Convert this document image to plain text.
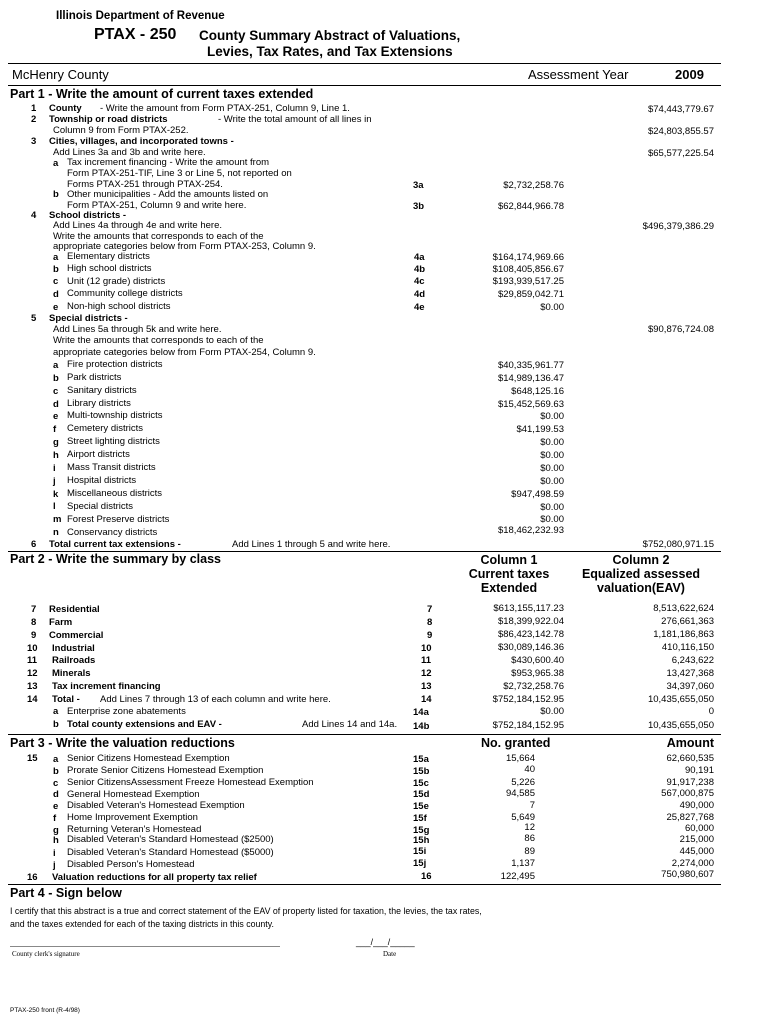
Illinois Department of Revenue
PTAX - 250 County Summary Abstract of Valuations,
Levies, Tax Rates, and Tax Extensions
McHenry County	Assessment Year	2009
Part 1 - Write the amount of current taxes extended
1 County - Write the amount from Form PTAX-251, Column 9, Line 1.	$74,443,779.67
2 Township or road districts	- Write the total amount of all lines in
Column 9 from Form PTAX-252.	$24,803,855.57
3 Cities, villages, and incorporated towns -
Add Lines 3a and 3b and write here.	$65,577,225.54
a Tax increment financing - Write the amount from
Form PTAX-251-TIF, Line 3 or Line 5, not reported on
Forms PTAX-251 through PTAX-254.	3a	$2,732,258.76
b Other municipalities - Add the amounts listed on
Form PTAX-251, Column 9 and write here.	3b	$62,844,966.78
4 School districts -
Add Lines 4a through 4e and write here.
Write the amounts that corresponds to each of the
appropriate categories below from Form PTAX-253, Column 9.
$496,379,386.29
a Elementary districts	4a	$164,174,969.66
b High school districts	4b	$108,405,856.67
c Unit (12 grade) districts	4c	$193,939,517.25
d Community college districts	4d	$29,859,042.71
e Non-high school districts	4e	$0.00
5 Special districts -
Add Lines 5a through 5k and write here.
Write the amounts that corresponds to each of the
appropriate categories below from Form PTAX-254, Column 9.
$90,876,724.08
a Fire protection districts	$40,335,961.77
b Park districts	$14,989,136.47
c Sanitary districts	$648,125.16
d Library districts	$15,452,569.63
e Multi-township districts	$0.00
f Cemetery districts	$41,199.53
g Street lighting districts	$0.00
h Airport districts	$0.00
i Mass Transit districts	$0.00
j Hospital districts	$0.00
k Miscellaneous districts	$947,498.59
l Special districts	$0.00
m Forest Preserve districts	$0.00
n Conservancy districts	$18,462,232.93
6 Total current tax extensions -	Add Lines 1 through 5 and write here.	$752,080,971.15
Part 2 - Write the summary by class	Column 1
Current taxes
Extended
Column 2
Equalized assessed
valuation(EAV)
7 Residential	7	$613,155,117.23	8,513,622,624
8 Farm	8	$18,399,922.04	276,661,363
9 Commercial	9	$86,423,142.78	1,181,186,863
10 Industrial	10	$30,089,146.36	410,116,150
11 Railroads	11	$430,600.40	6,243,622
12 Minerals	12	$953,965.38	13,427,368
13 Tax increment financing	13	$2,732,258.76	34,397,060
14 Total - Add Lines 7 through 13 of each column and write here.	14	$752,184,152.95	10,435,655,050
a Enterprise zone abatements	14a	$0.00	0
b Total county extensions and EAV -	Add Lines 14 and 14a. 14b	$752,184,152.95	10,435,655,050
Part 3 - Write the valuation reductions	No. granted	Amount
15 a Senior Citizens Homestead Exemption	15a	15,664	62,660,535
b Prorate Senior Citizens Homestead Exemption	15b	40	90,191
c Senior CitizensAssessment Freeze Homestead Exemption	15c	5,226	91,917,238
d General Homestead Exemption	15d	94,585	567,000,875
e Disabled Veteran's Homestead Exemption	15e	7	490,000
f Home Improvement Exemption	15f	5,649	25,827,768
g Returning Veteran's Homestead	15g	12	60,000
h Disabled Veteran's Standard Homestead ($2500)	15h	86	215,000
i Disabled Veteran's Standard Homestead ($5000)	15i	89	445,000
j Disabled Person's Homestead	15j	1,137	2,274,000
16 Valuation reductions for all property tax relief	16	122,495	750,980,607
Part 4 - Sign below
I certify that this abstract is a true and correct statement of the EAV of property listed for taxation, the levies, the tax rates,
and the taxes extended for each of the taxing districts in this county.
___/___/_____
County clerk's signature	Date
PTAX-250 front (R-4/98)
